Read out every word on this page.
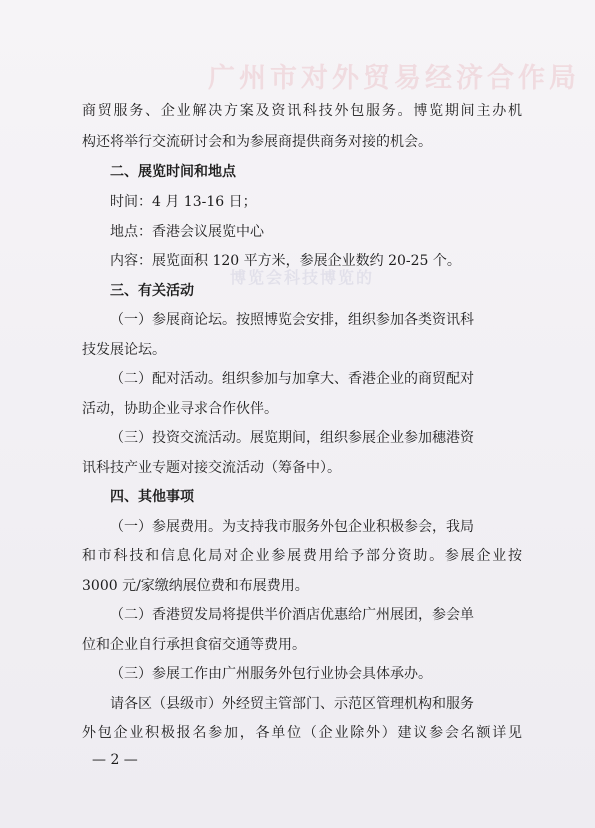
广州市对外贸易经济合作局
博览会科技博览的
商贸服务、企业解决方案及资讯科技外包服务。博览期间主办机
构还将举行交流研讨会和为参展商提供商务对接的机会。
二、展览时间和地点
时间：4 月 13-16 日；
地点：香港会议展览中心
内容：展览面积 120 平方米，参展企业数约 20-25 个。
三、有关活动
（一）参展商论坛。按照博览会安排，组织参加各类资讯科
技发展论坛。
（二）配对活动。组织参加与加拿大、香港企业的商贸配对
活动，协助企业寻求合作伙伴。
（三）投资交流活动。展览期间，组织参展企业参加穗港资
讯科技产业专题对接交流活动（筹备中）。
四、其他事项
（一）参展费用。为支持我市服务外包企业积极参会，我局
和市科技和信息化局对企业参展费用给予部分资助。参展企业按
3000 元/家缴纳展位费和布展费用。
（二）香港贸发局将提供半价酒店优惠给广州展团，参会单
位和企业自行承担食宿交通等费用。
（三）参展工作由广州服务外包行业协会具体承办。
请各区（县级市）外经贸主管部门、示范区管理机构和服务
外包企业积极报名参加，各单位（企业除外）建议参会名额详见
— 2 —
